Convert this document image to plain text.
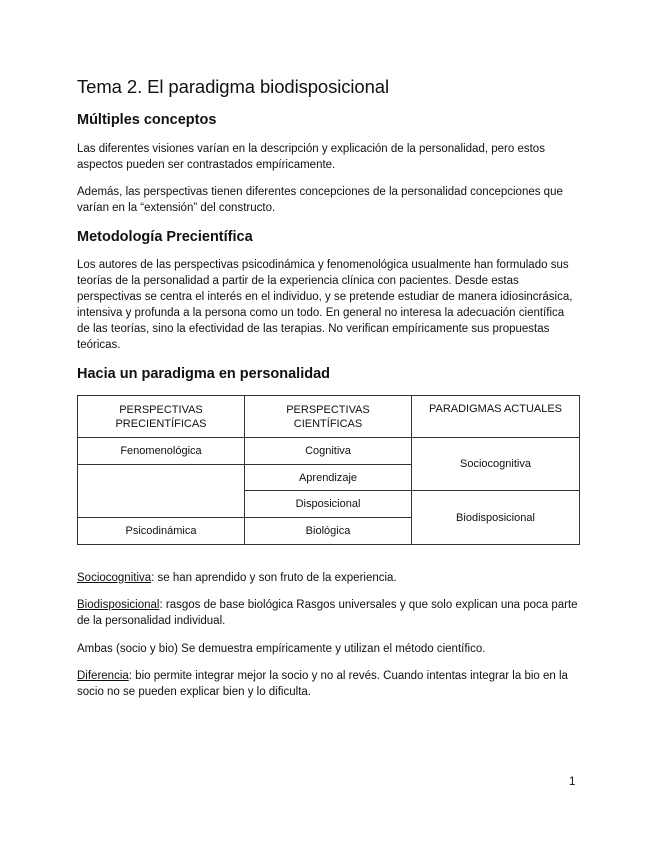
Tema 2. El paradigma biodisposicional
Múltiples conceptos

Las diferentes visiones varían en la descripción y explicación de la personalidad, pero estos aspectos pueden ser contrastados empíricamente.

Además, las perspectivas tienen diferentes concepciones de la personalidad concepciones que varían en la “extensión” del constructo.

Metodología Precientífica

Los autores de las perspectivas psicodinámica y fenomenológica usualmente han formulado sus teorías de la personalidad a partir de la experiencia clínica con pacientes. Desde estas perspectivas se centra el interés en el individuo, y se pretende estudiar de manera idiosincrásica, intensiva y profunda a la persona como un todo. En general no interesa la adecuación científica de las teorías, sino la efectividad de las terapias. No verifican empíricamente sus propuestas teóricas.

Hacia un paradigma en personalidad
PERSPECTIVAS PRECIENTÍFICAS	PERSPECTIVAS CIENTÍFICAS	PARADIGMAS ACTUALES
Fenomenológica	Cognitiva	Sociocognitiva
	Aprendizaje	
	Disposicional	Biodisposicional
Psicodinámica	Biológica	

Sociocognitiva: se han aprendido y son fruto de la experiencia.

Biodisposicional: rasgos de base biológica Rasgos universales y que solo explican una poca parte de la personalidad individual.

Ambas (socio y bio) Se demuestra empíricamente y utilizan el método científico.

Diferencia: bio permite integrar mejor la socio y no al revés. Cuando intentas integrar la bio en la socio no se pueden explicar bien y lo dificulta.

1
